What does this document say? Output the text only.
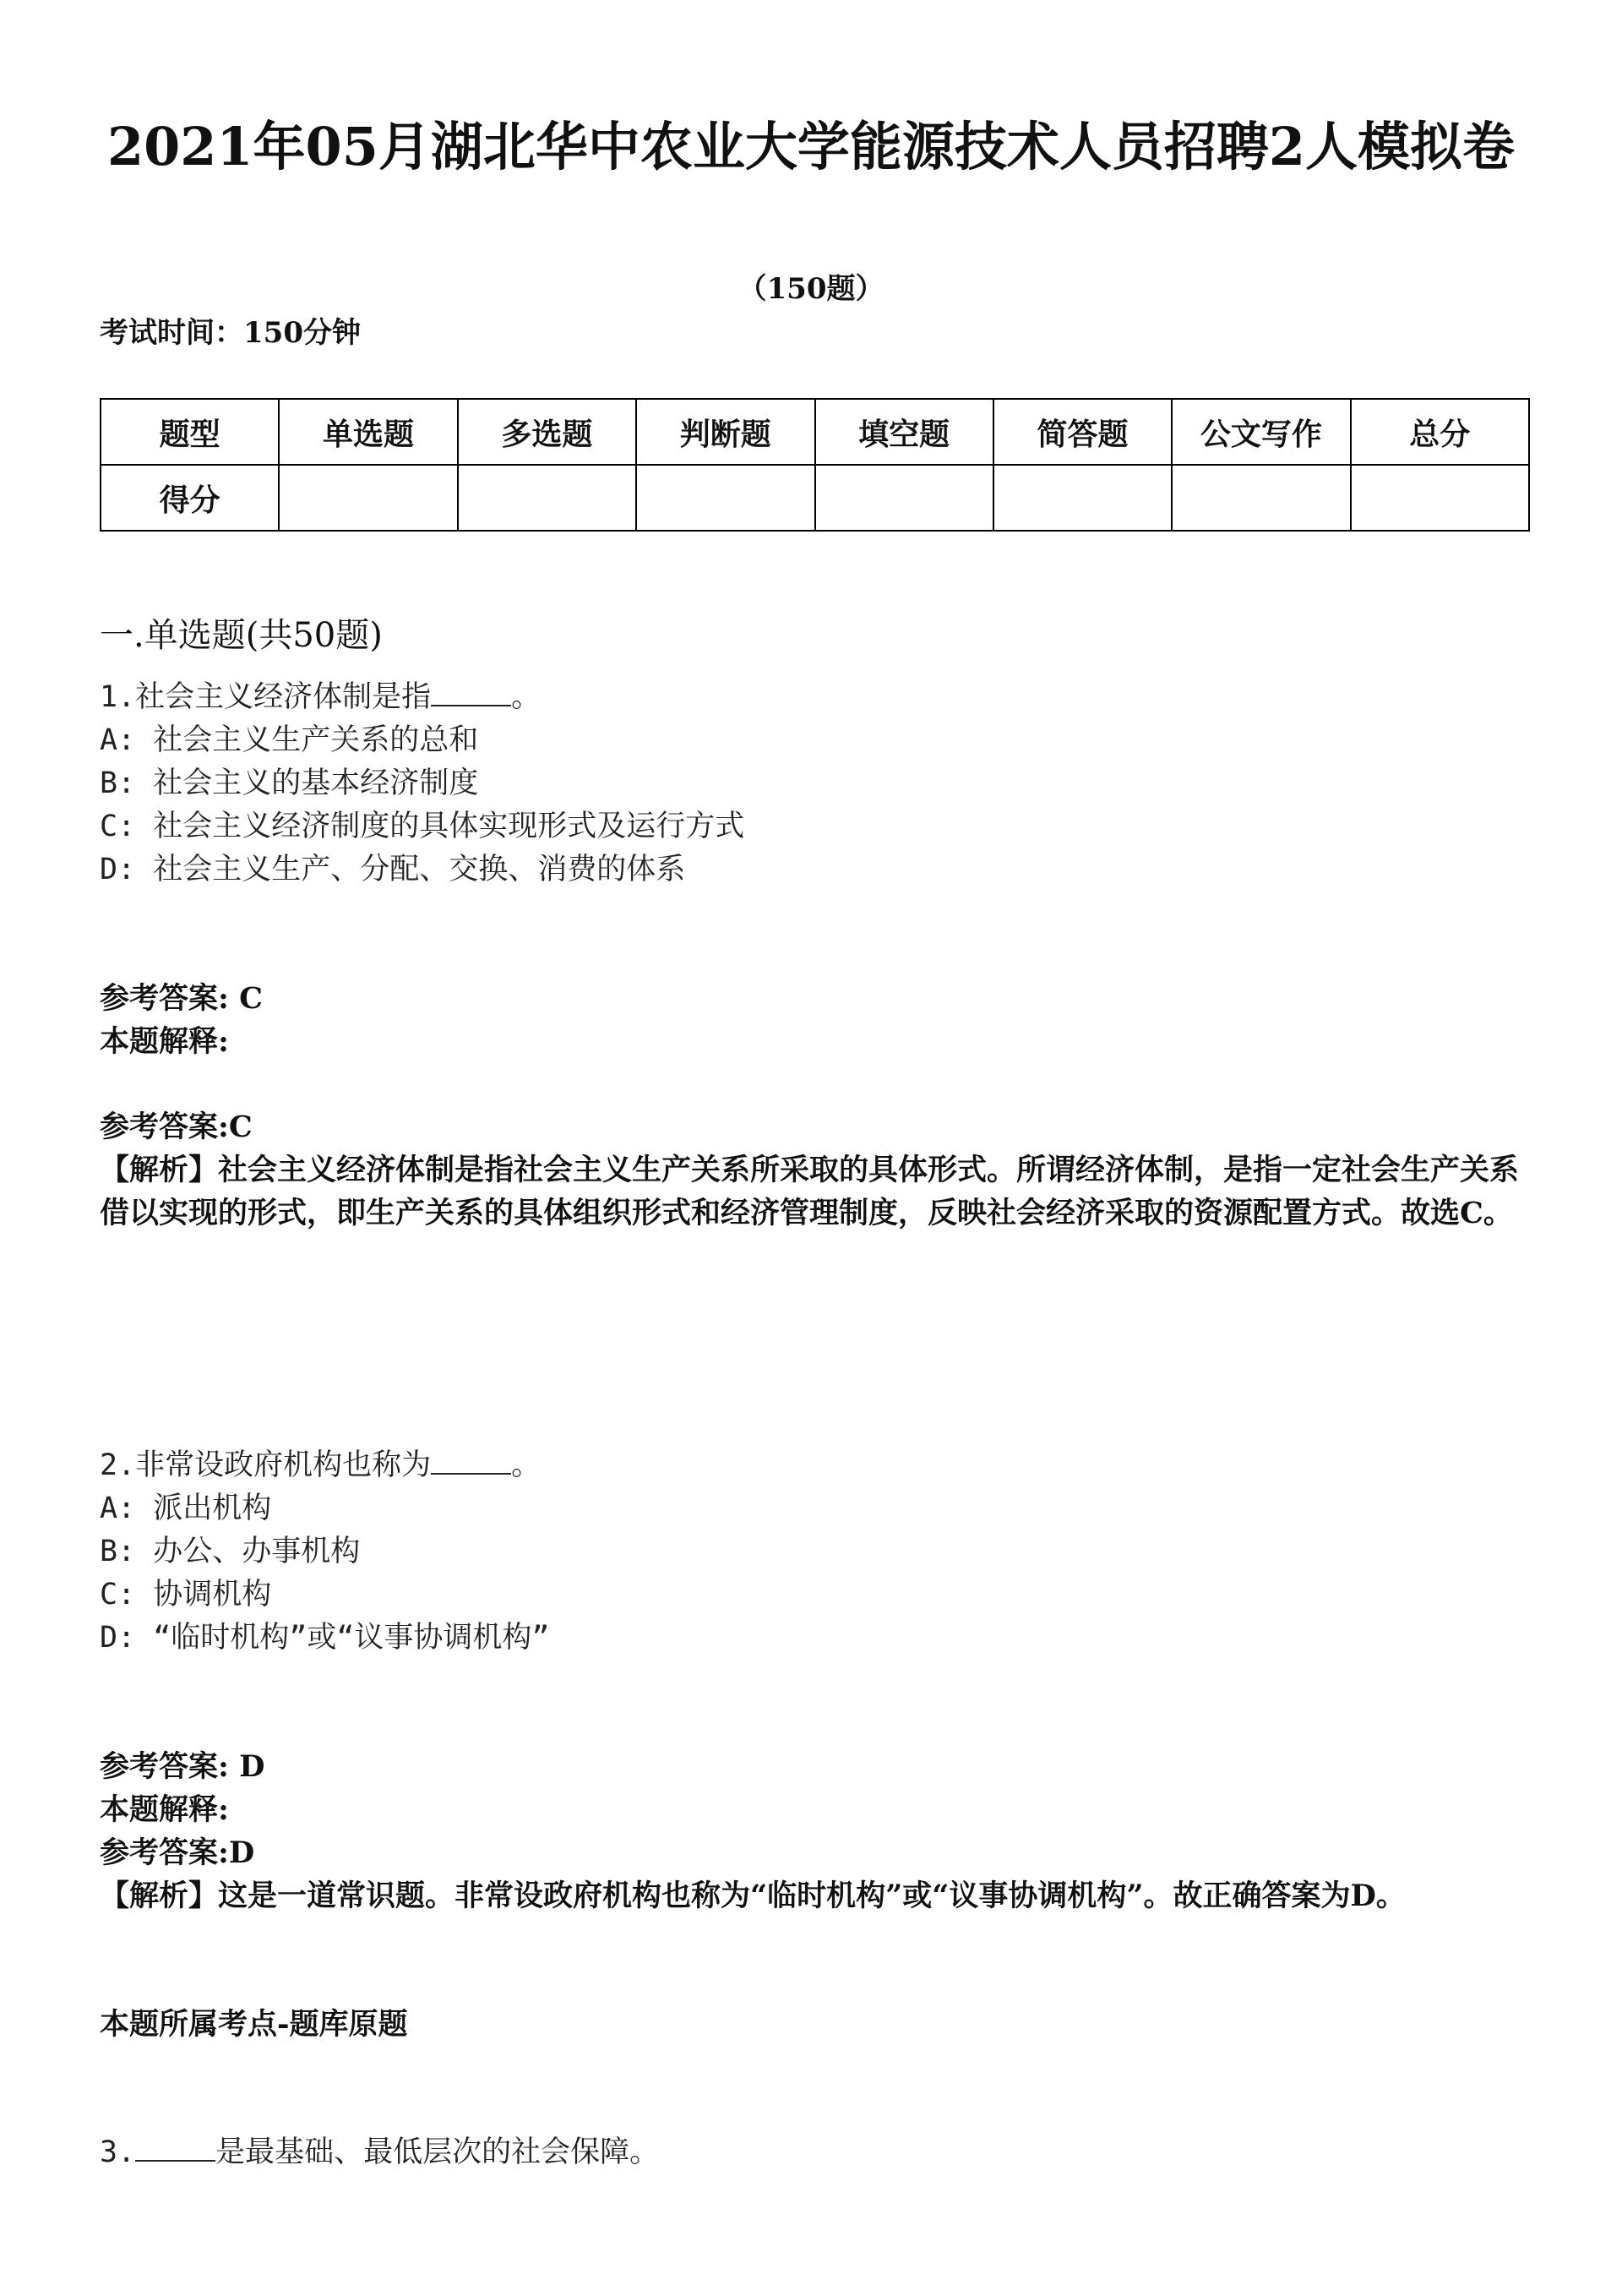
2021年05月湖北华中农业大学能源技术人员招聘2人模拟卷
（150题）
考试时间：150分钟
题型	单选题	多选题	判断题	填空题	简答题	公文写作	总分
得分							
一.单选题(共50题)
1.社会主义经济体制是指	。
A: 社会主义生产关系的总和
B: 社会主义的基本经济制度
C: 社会主义经济制度的具体实现形式及运行方式
D: 社会主义生产、分配、交换、消费的体系
参考答案: C
本题解释:
参考答案:C

【解析】社会主义经济体制是指社会主义生产关系所采取的具体形式。所谓经济体制，是指一定社会生产关系借以实现的形式，即生产关系的具体组织形式和经济管理制度，反映社会经济采取的资源配置方式。故选C。

2.非常设政府机构也称为	。
A: 派出机构
B: 办公、办事机构
C: 协调机构
D: “临时机构”或“议事协调机构”
参考答案: D
本题解释:
参考答案:D

【解析】这是一道常识题。非常设政府机构也称为“临时机构”或“议事协调机构”。故正确答案为D。

本题所属考点-题库原题
3.	是最基础、最低层次的社会保障。
